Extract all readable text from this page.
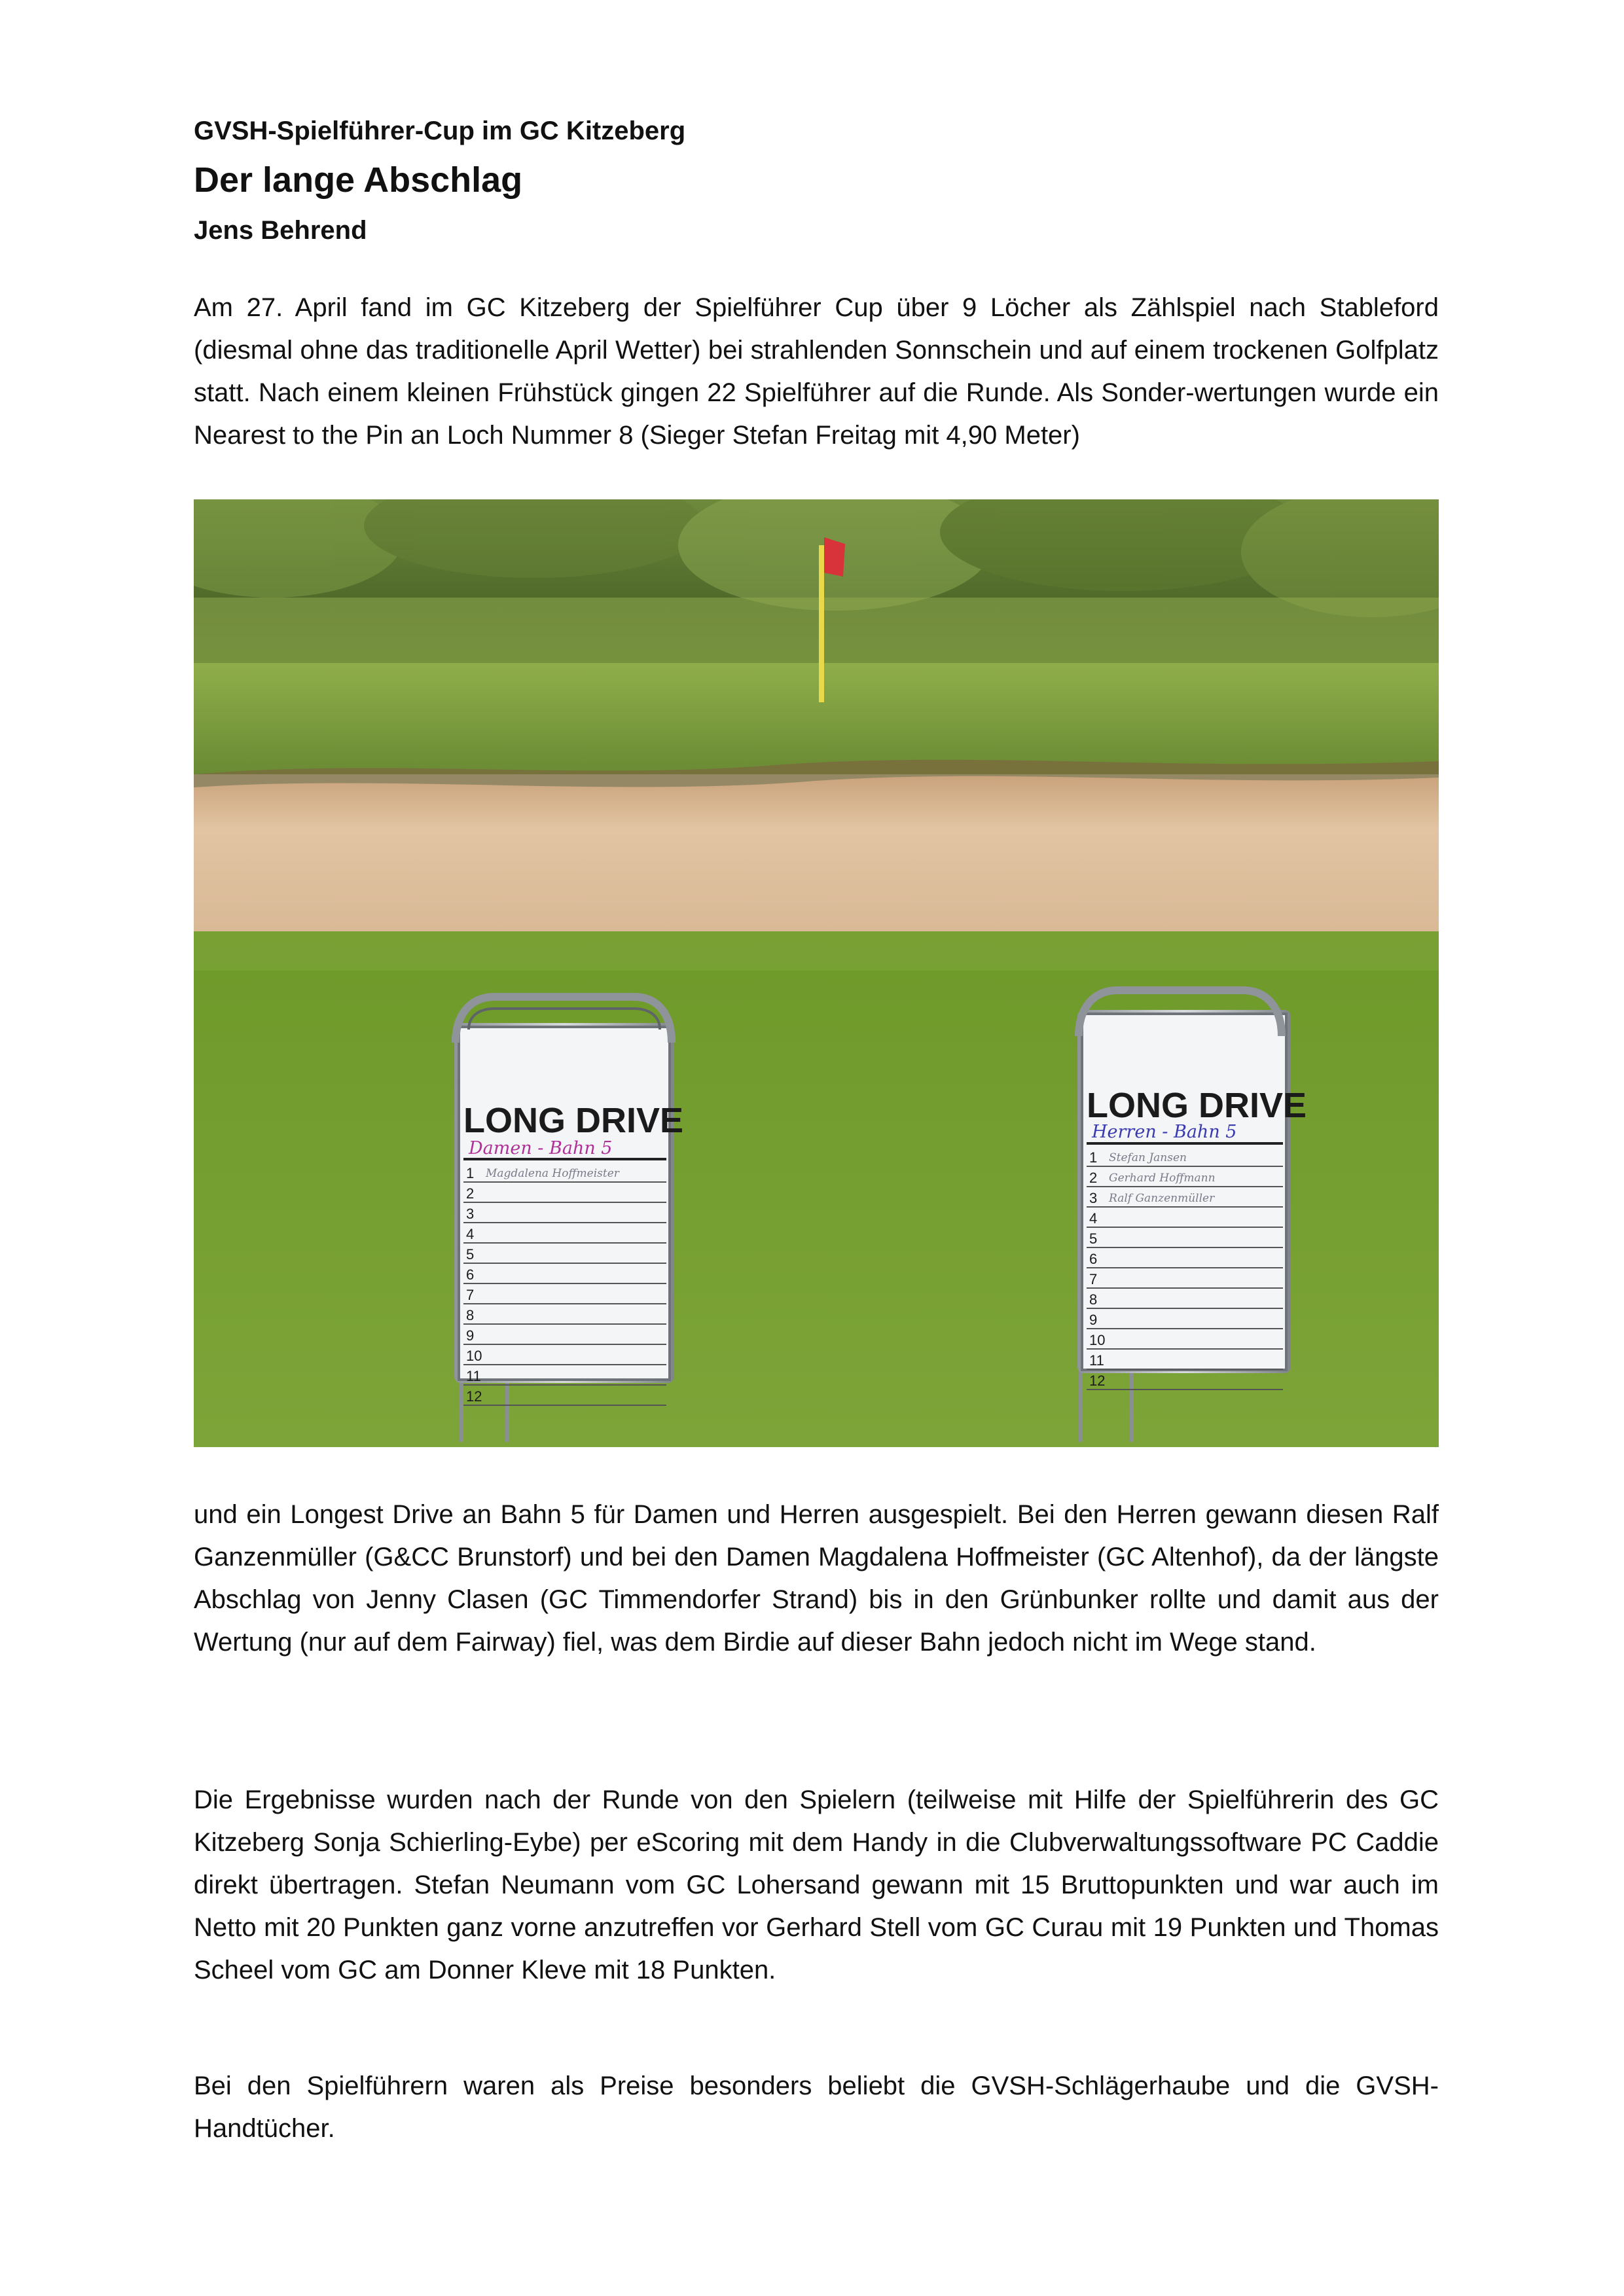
GVSH-Spielführer-Cup im GC Kitzeberg

Der lange Abschlag

Jens Behrend

Am 27. April fand im GC Kitzeberg der Spielführer Cup über 9 Löcher als Zählspiel nach Stableford (diesmal ohne das traditionelle April Wetter) bei strahlenden Sonnschein und auf einem trockenen Golfplatz statt. Nach einem kleinen Frühstück gingen 22 Spielführer auf die Runde. Als Sonder-wertungen wurde ein Nearest to the Pin an Loch Nummer 8 (Sieger Stefan Freitag mit 4,90 Meter)

LONG DRIVE
Damen - Bahn 5
1 Magdalena Hoffmeister
2
3
4
5
6
7
8
9
10
11
12
LONG DRIVE
Herren - Bahn 5
1 Stefan Jansen
2 Gerhard Hoffmann
3 Ralf Ganzenmüller
4
5
6
7
8
9
10
11
12

und ein Longest Drive an Bahn 5 für Damen und Herren ausgespielt. Bei den Herren gewann diesen Ralf Ganzenmüller (G&CC Brunstorf) und bei den Damen Magdalena Hoffmeister (GC Altenhof), da der längste Abschlag von Jenny Clasen (GC Timmendorfer Strand) bis in den Grünbunker rollte und damit aus der Wertung (nur auf dem Fairway) fiel, was dem Birdie auf dieser Bahn jedoch nicht im Wege stand.

Die Ergebnisse wurden nach der Runde von den Spielern (teilweise mit Hilfe der Spielführerin des GC Kitzeberg Sonja Schierling-Eybe) per eScoring mit dem Handy in die Clubverwaltungssoftware PC Caddie direkt übertragen. Stefan Neumann vom GC Lohersand gewann mit 15 Bruttopunkten und war auch im Netto mit 20 Punkten ganz vorne anzutreffen vor Gerhard Stell vom GC Curau mit 19 Punkten und Thomas Scheel vom GC am Donner Kleve mit 18 Punkten.

Bei den Spielführern waren als Preise besonders beliebt die GVSH-Schlägerhaube und die GVSH-Handtücher.
